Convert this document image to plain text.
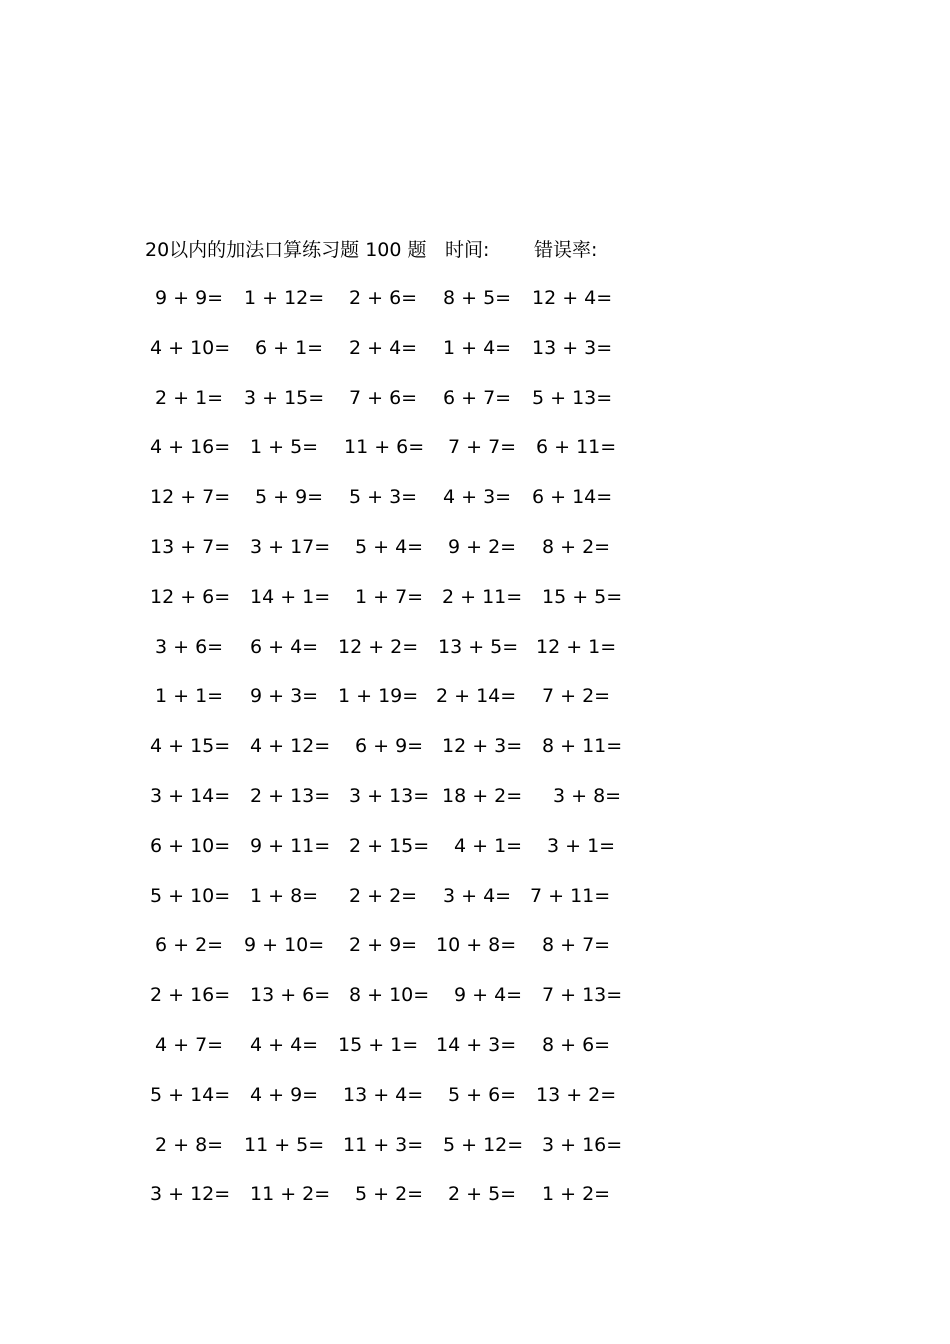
20以内的加法口算练习题 100 题 时间: 错误率:
9 + 9= 1 + 12= 2 + 6= 8 + 5= 12 + 4=
4 + 10= 6 + 1= 2 + 4= 1 + 4= 13 + 3=
2 + 1= 3 + 15= 7 + 6= 6 + 7= 5 + 13=
4 + 16= 1 + 5= 11 + 6= 7 + 7= 6 + 11=
12 + 7= 5 + 9= 5 + 3= 4 + 3= 6 + 14=
13 + 7= 3 + 17= 5 + 4= 9 + 2= 8 + 2=
12 + 6= 14 + 1= 1 + 7= 2 + 11= 15 + 5=
3 + 6= 6 + 4= 12 + 2= 13 + 5= 12 + 1=
1 + 1= 9 + 3= 1 + 19= 2 + 14= 7 + 2=
4 + 15= 4 + 12= 6 + 9= 12 + 3= 8 + 11=
3 + 14= 2 + 13= 3 + 13= 18 + 2= 3 + 8=
6 + 10= 9 + 11= 2 + 15= 4 + 1= 3 + 1=
5 + 10= 1 + 8= 2 + 2= 3 + 4= 7 + 11=
6 + 2= 9 + 10= 2 + 9= 10 + 8= 8 + 7=
2 + 16= 13 + 6= 8 + 10= 9 + 4= 7 + 13=
4 + 7= 4 + 4= 15 + 1= 14 + 3= 8 + 6=
5 + 14= 4 + 9= 13 + 4= 5 + 6= 13 + 2=
2 + 8= 11 + 5= 11 + 3= 5 + 12= 3 + 16=
3 + 12= 11 + 2= 5 + 2= 2 + 5= 1 + 2=
